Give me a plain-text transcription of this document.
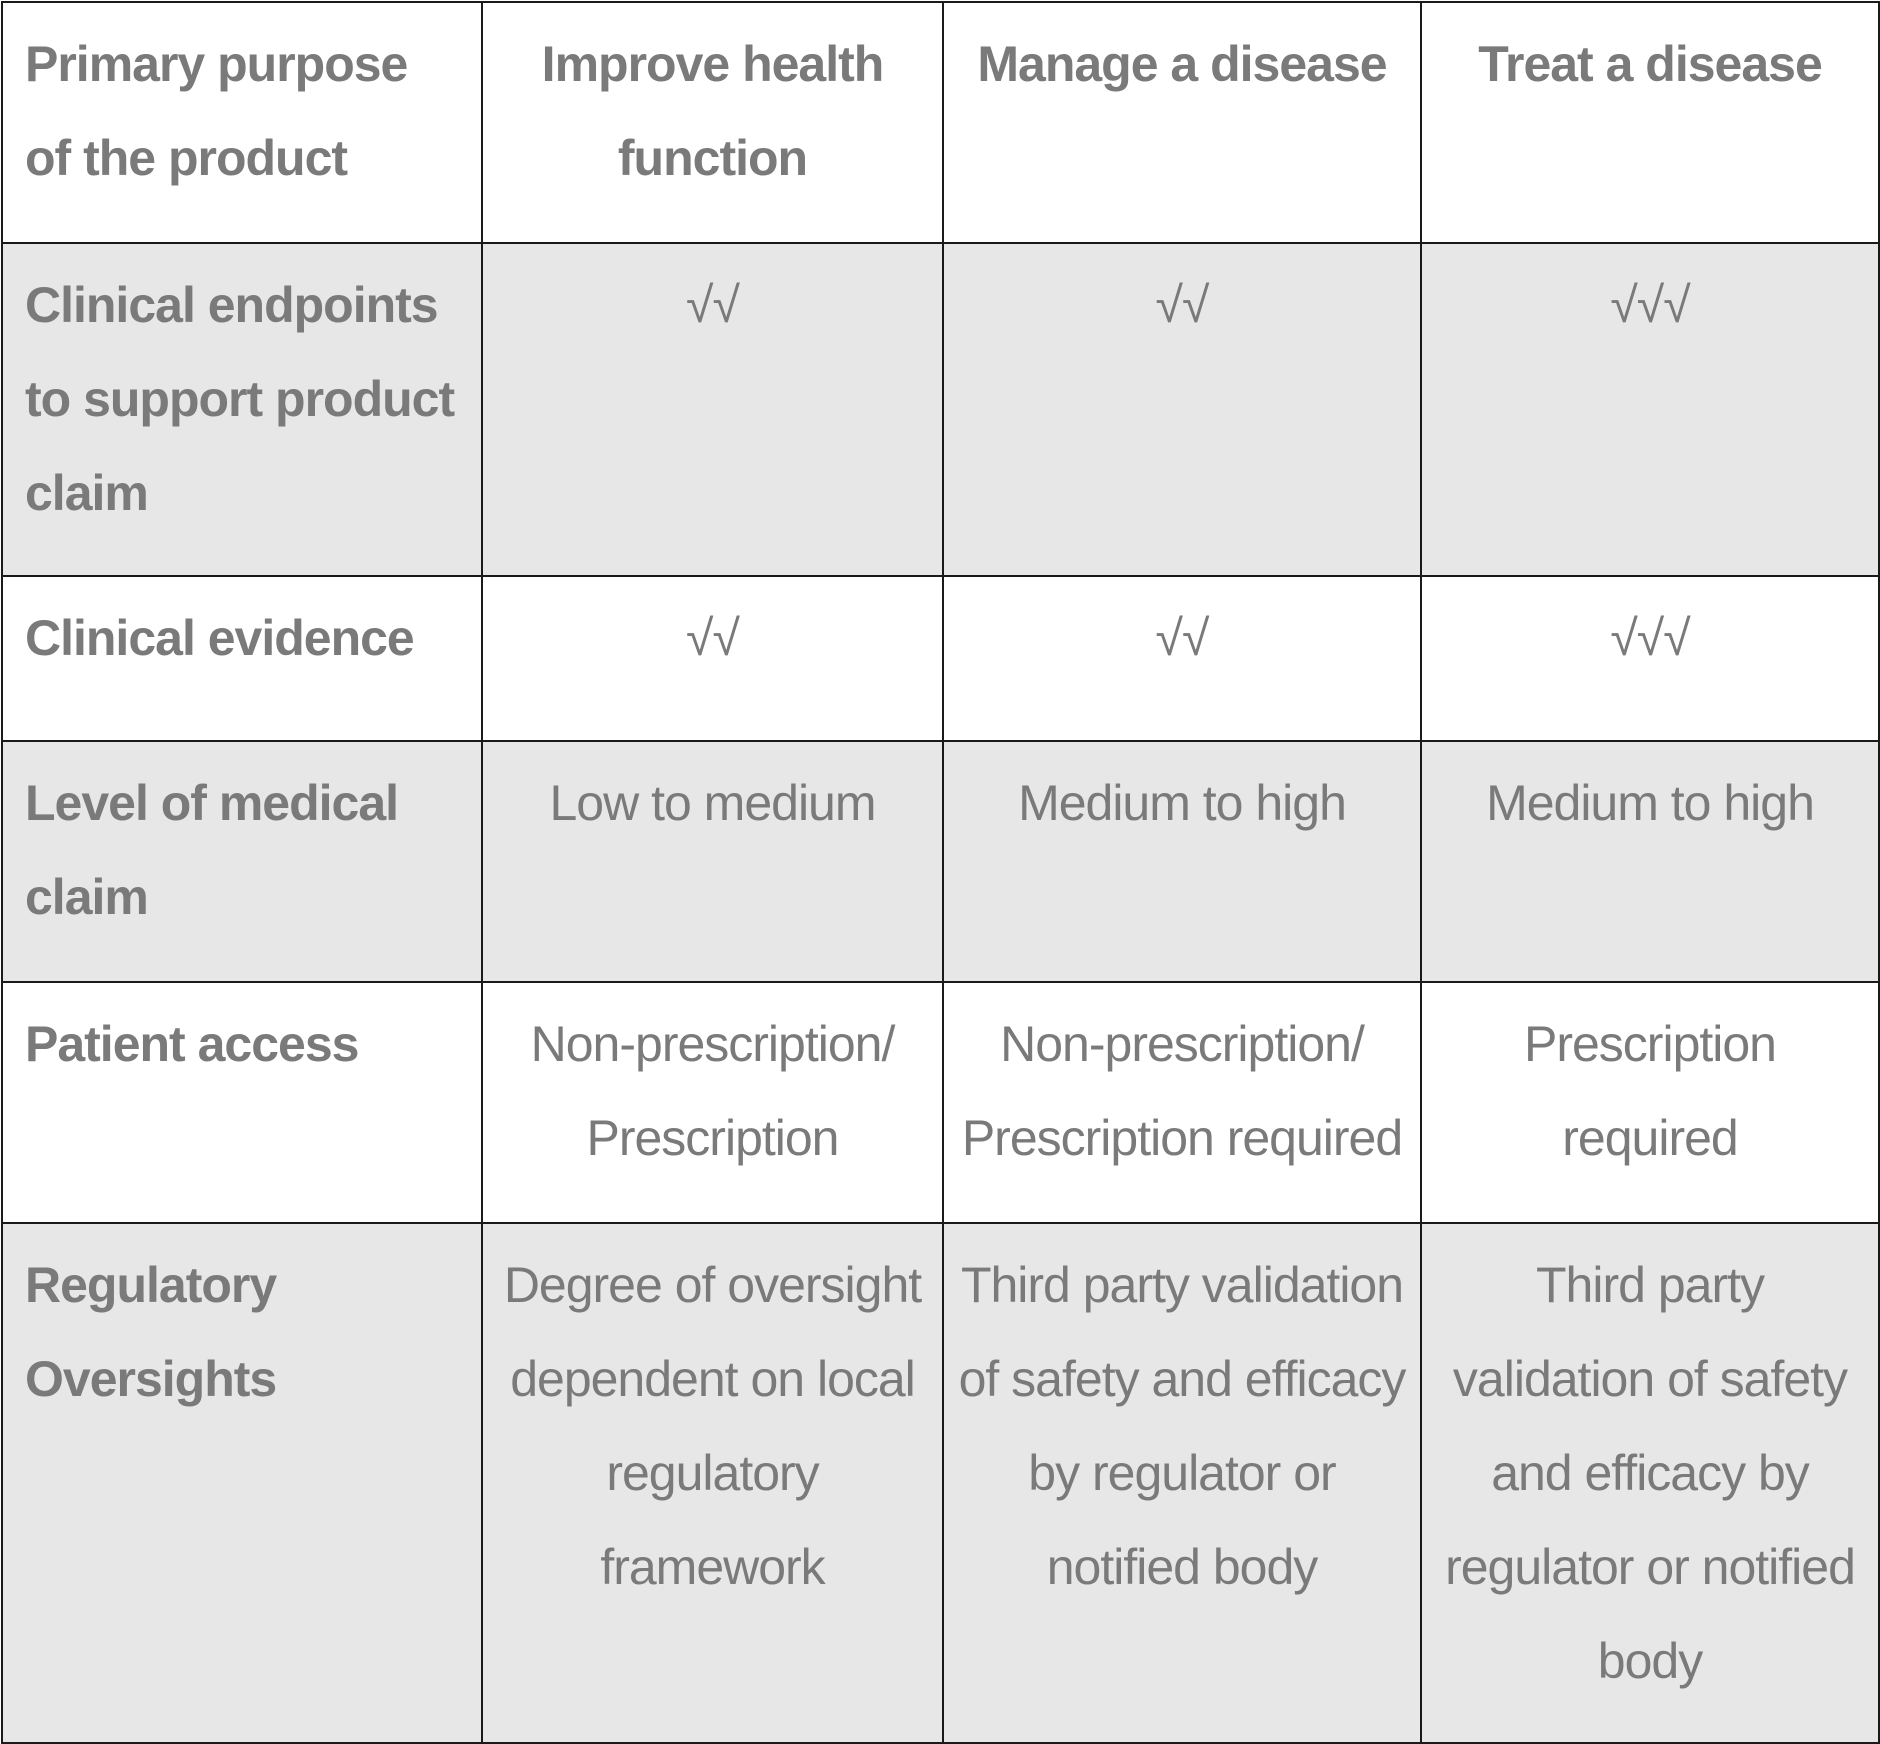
Primary purpose of the product	Improve health function	Manage a disease	Treat a disease
Clinical endpoints to support product claim	√√	√√	√√√
Clinical evidence	√√	√√	√√√
Level of medical claim	Low to medium	Medium to high	Medium to high
Patient access	Non-prescription/ Prescription	Non-prescription/ Prescription required	Prescription required
Regulatory Oversights	Degree of oversight dependent on local regulatory framework	Third party validation of safety and efficacy by regulator or notified body	Third party validation of safety and efficacy by regulator or notified body
